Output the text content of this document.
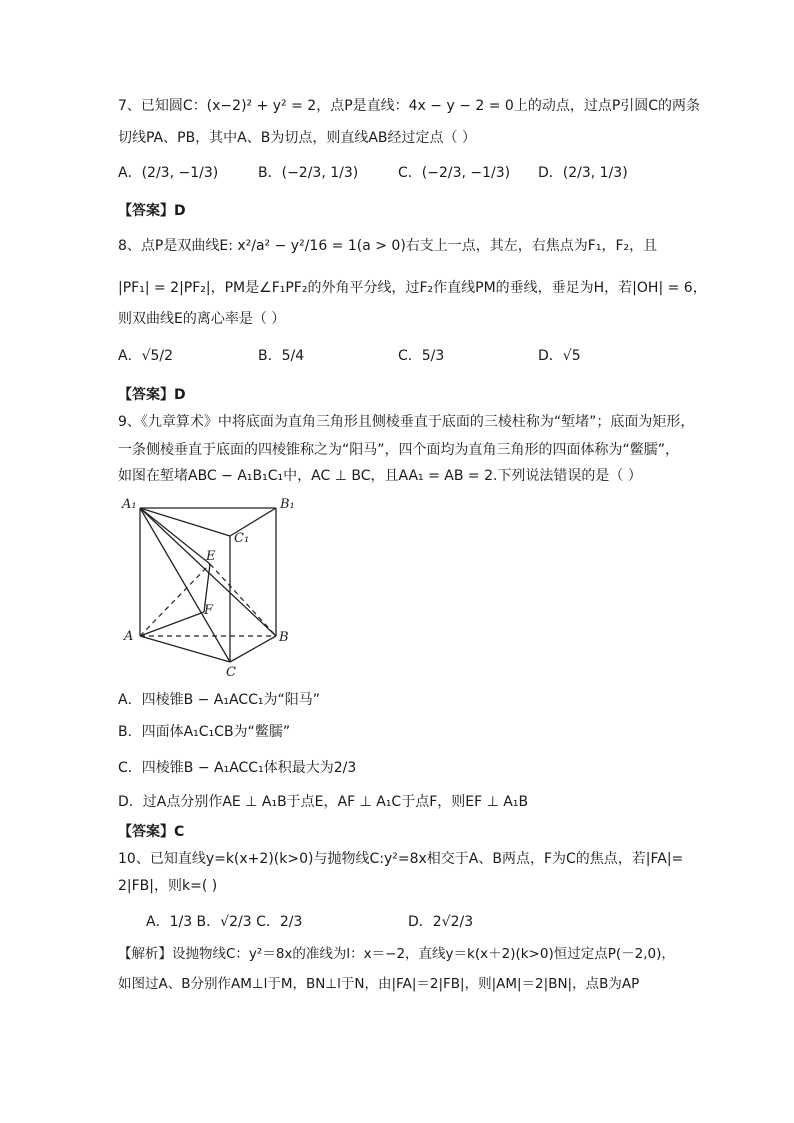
7、已知圆C：(x−2)² + y² = 2，点P是直线：4x − y − 2 = 0上的动点，过点P引圆C的两条
切线PA、PB，其中A、B为切点，则直线AB经过定点（ ）
A．(2/3, −1/3)	B．(−2/3, 1/3)	C．(−2/3, −1/3) D．(2/3, 1/3)
【答案】D
8、点P是双曲线E: x²/a² − y²/16 = 1(a > 0)右支上一点，其左，右焦点为F₁，F₂，且
|PF₁| = 2|PF₂|，PM是∠F₁PF₂的外角平分线，过F₂作直线PM的垂线，垂足为H，若|OH| = 6，
则双曲线E的离心率是（ ）
A．√5/2	B．5/4	C．5/3	D．√5
【答案】D
9、《九章算术》中将底面为直角三角形且侧棱垂直于底面的三棱柱称为“堑堵”；底面为矩形，
一条侧棱垂直于底面的四棱锥称之为“阳马”，四个面均为直角三角形的四面体称为“鳖臑”，
如图在堑堵ABC − A₁B₁C₁中，AC ⊥ BC，且AA₁ = AB = 2.下列说法错误的是（ ）
A₁	B₁
C₁
E
F
A	B
C
A．四棱锥B − A₁ACC₁为“阳马”
B．四面体A₁C₁CB为“鳖臑”
C．四棱锥B − A₁ACC₁体积最大为2/3
D．过A点分别作AE ⊥ A₁B于点E，AF ⊥ A₁C于点F，则EF ⊥ A₁B
【答案】C
10、已知直线y=k(x+2)(k>0)与抛物线C:y²=8x相交于A、B两点，F为C的焦点，若|FA|=
2|FB|，则k=( )
A．1/3 B．√2/3 C．2/3	D．2√2/3
【解析】设抛物线C：y²＝8x的准线为l：x＝−2，直线y＝k(x＋2)(k>0)恒过定点P(－2,0)，
如图过A、B分别作AM⊥l于M，BN⊥l于N，由|FA|＝2|FB|，则|AM|＝2|BN|，点B为AP
